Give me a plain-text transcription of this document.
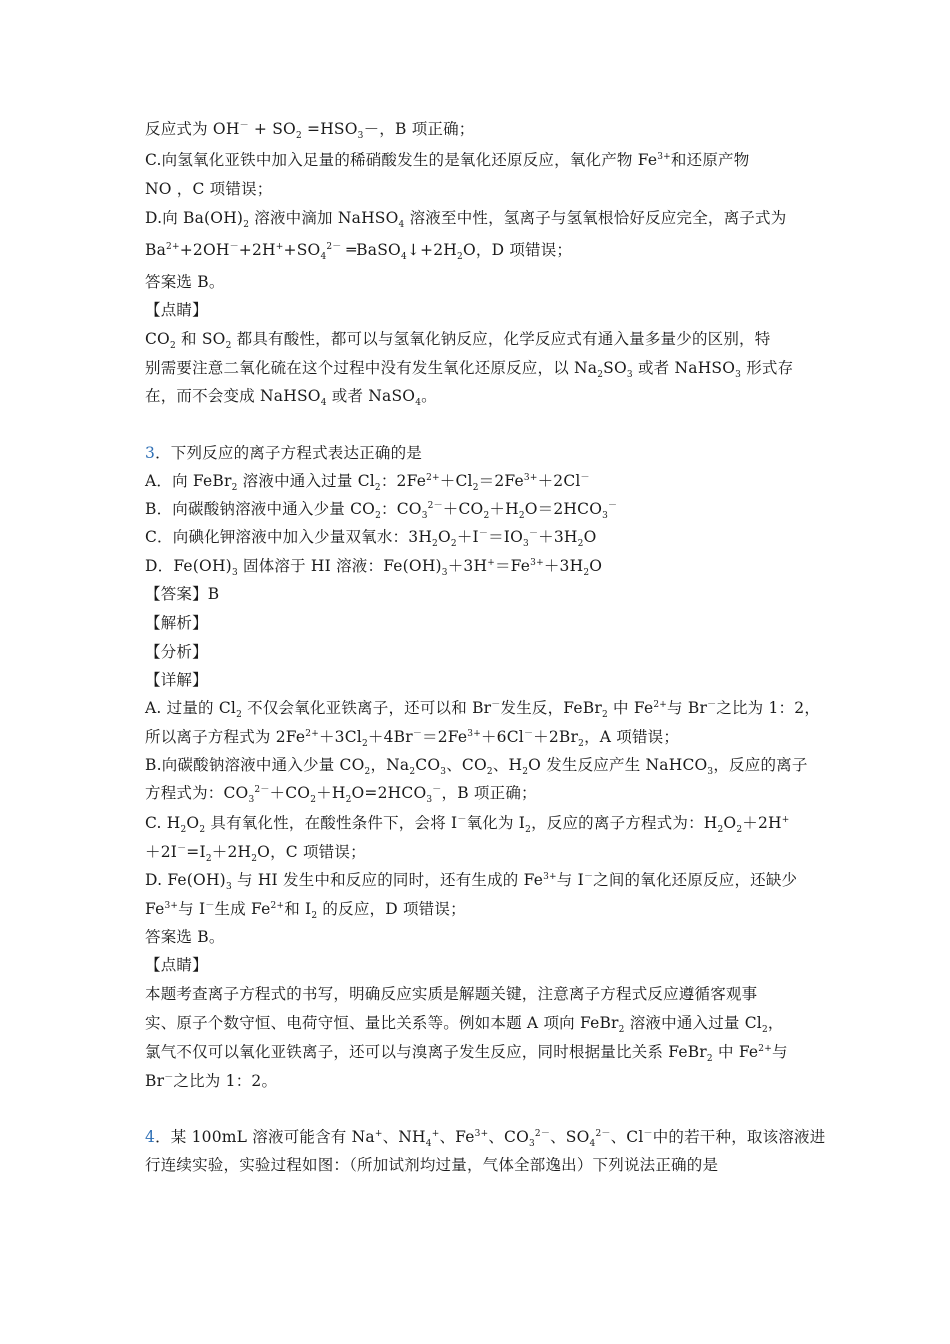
反应式为 $OH^- + SO_2 =HSO_3-$，B 项正确；
C.向氢氧化亚铁中加入足量的稀硝酸发生的是氧化还原反应，氧化产物 $Fe^{3+}$和还原产物
NO ，C 项错误；
D.向 $Ba(OH)_2$ 溶液中滴加 NaHSO$_4$ 溶液至中性，氢离子与氢氧根恰好反应完全，离子式为
$Ba^{2+}+2OH^-+2H^++SO_4^{2-}$ $═BaSO_4↓+2H_2O$，D 项错误；
答案选 B。
【点睛】
$CO_2$ 和 $SO_2$ 都具有酸性，都可以与氢氧化钠反应，化学反应式有通入量多量少的区别，特
别需要注意二氧化硫在这个过程中没有发生氧化还原反应，以 $Na_2SO_3$ 或者 NaHSO$_3$ 形式存
在，而不会变成 NaHSO$_4$ 或者 NaSO$_4$。
3．下列反应的离子方程式表达正确的是
A．向 FeBr$_2$ 溶液中通入过量 $Cl_2$：$2Fe^{2+}+Cl_2=2Fe^{3+}+2Cl^-$
B．向碳酸钠溶液中通入少量 $CO_2$：$CO_3^{2-}+CO_2+H_2O=2HCO_3^-$
C．向碘化钾溶液中加入少量双氧水：$3H_2O_2+I^-=IO_3^-+3H_2O$
D．$Fe(OH)_3$ 固体溶于 HI 溶液：$Fe(OH)_3+3H^+=Fe^{3+}+3H_2O$
【答案】B
【解析】
【分析】
【详解】
A. 过量的 $Cl_2$ 不仅会氧化亚铁离子，还可以和 Br－发生反，FeBr$_2$ 中 $Fe^{2+}$与 Br－之比为 1：2，
所以离子方程式为 $2Fe^{2+}+3Cl_2+4Br^-=2Fe^{3+}+6Cl^-+2Br_2$，A 项错误；
B.向碳酸钠溶液中通入少量 $CO_2$，$Na_2CO_3$、$CO_2$、$H_2O$ 发生反应产生 NaHCO$_3$，反应的离子
方程式为：$CO_3^{2-}+CO_2+H_2O=2HCO_3^-$，B 项正确；
C. $H_2O_2$ 具有氧化性，在酸性条件下，会将 I－氧化为 $I_2$，反应的离子方程式为：$H_2O_2+2H^+$
$+2I^-=I_2+2H_2O$，C 项错误；
D. $Fe(OH)_3$ 与 HI 发生中和反应的同时，还有生成的 $Fe^{3+}$与 I－之间的氧化还原反应，还缺少
$Fe^{3+}$与 I－生成 $Fe^{2+}$和 $I_2$ 的反应，D 项错误；
答案选 B。
【点睛】
本题考查离子方程式的书写，明确反应实质是解题关键，注意离子方程式反应遵循客观事
实、原子个数守恒、电荷守恒、量比关系等。例如本题 A 项向 FeBr$_2$ 溶液中通入过量 $Cl_2$，
氯气不仅可以氧化亚铁离子，还可以与溴离子发生反应，同时根据量比关系 FeBr$_2$ 中 $Fe^{2+}$与
Br－之比为 1：2。
4．某 100mL 溶液可能含有 Na+、$NH_4^+$、$Fe^{3+}$、$CO_3^{2-}$、$SO_4^{2-}$、Cl－中的若干种，取该溶液进
行连续实验，实验过程如图：（所加试剂均过量，气体全部逸出）下列说法正确的是
